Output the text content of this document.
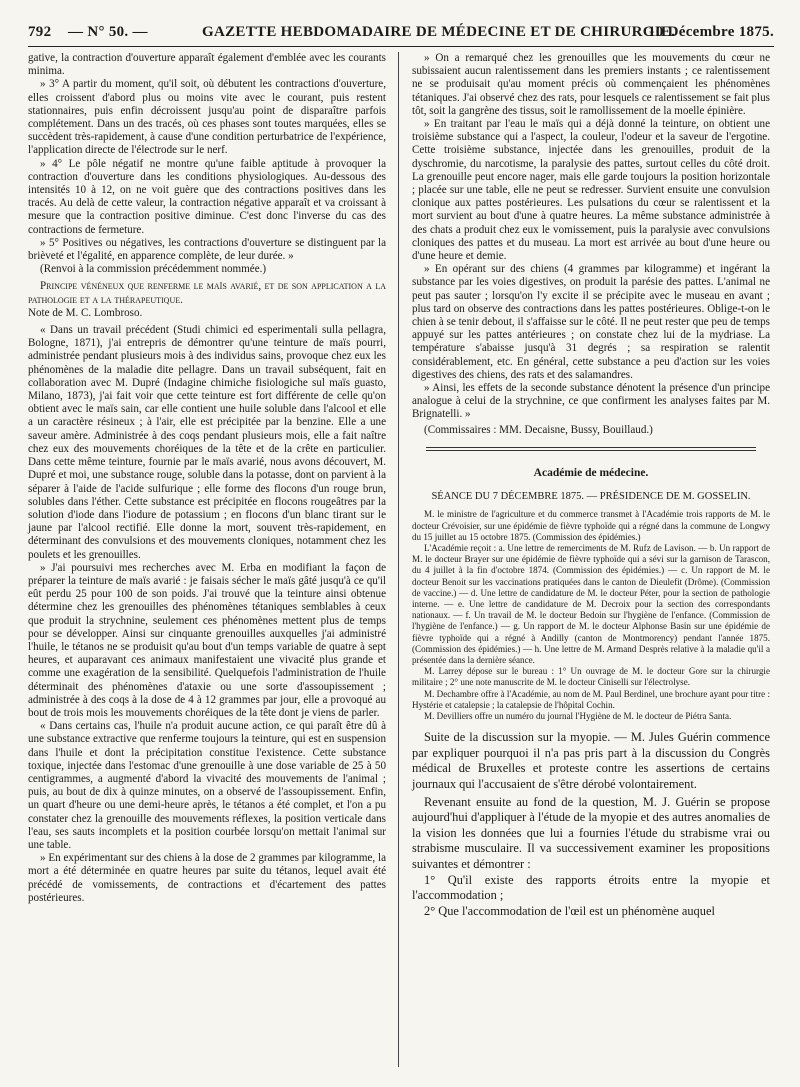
792 — N° 50. —	GAZETTE HEBDOMADAIRE DE MÉDECINE ET DE CHIRURGIE.
10 Décembre 1875.

gative, la contraction d'ouverture apparaît également d'emblée avec les courants minima.

» 3° A partir du moment, qu'il soit, où débutent les contractions d'ouverture, elles croissent d'abord plus ou moins vite avec le courant, puis restent stationnaires, puis enfin décroissent jusqu'au point de disparaître parfois complétement. Dans un des tracés, où ces phases sont toutes marquées, elles se succèdent très-rapidement, à cause d'une condition perturbatrice de l'expérience, l'application directe de l'électrode sur le nerf.

» 4° Le pôle négatif ne montre qu'une faible aptitude à provoquer la contraction d'ouverture dans les conditions physiologiques. Au-dessous des intensités 10 à 12, on ne voit guère que des contractions positives dans les tracés. Au delà de cette valeur, la contraction négative apparaît et va croissant à mesure que la contraction positive diminue. C'est donc l'inverse du cas des contractions de fermeture.

» 5° Positives ou négatives, les contractions d'ouverture se distinguent par la brièveté et l'égalité, en apparence complète, de leur durée. »

(Renvoi à la commission précédemment nommée.)

Principe vénéneux que renferme le maïs avarié, et de son application a la pathologie et a la thérapeutique.

Note de M. C. Lombroso.

« Dans un travail précédent (Studi chimici ed esperimentali sulla pellagra, Bologne, 1871), j'ai entrepris de démontrer qu'une teinture de maïs pourri, administrée pendant plusieurs mois à des individus sains, provoque chez eux les phénomènes de la maladie dite pellagre. Dans un travail subséquent, fait en collaboration avec M. Dupré (Indagine chimiche fisiologiche sul maïs guasto, Milano, 1873), j'ai fait voir que cette teinture est fort différente de celle qu'on obtient avec le maïs sain, car elle contient une huile soluble dans l'alcool et elle a un caractère résineux ; à l'air, elle est précipitée par la benzine. Elle a une saveur amère. Administrée à des coqs pendant plusieurs mois, elle a fait naître chez eux des mouvements choréiques de la tête et de la crête en particulier. Dans cette même teinture, fournie par le maïs avarié, nous avons découvert, M. Dupré et moi, une substance rouge, soluble dans la potasse, dont on parvient à la séparer à l'aide de l'acide sulfurique ; elle forme des flocons d'un rouge brun, solubles dans l'éther. Cette substance est précipitée en flocons rougeâtres par la solution d'iode dans l'iodure de potassium ; en flocons d'un blanc tirant sur le jaune par l'alcool rectifié. Elle donne la mort, souvent très-rapidement, en déterminant des convulsions et des mouvements cloniques, notamment chez les poulets et les grenouilles.

» J'ai poursuivi mes recherches avec M. Erba en modifiant la façon de préparer la teinture de maïs avarié : je faisais sécher le maïs gâté jusqu'à ce qu'il eût perdu 25 pour 100 de son poids. J'ai trouvé que la teinture ainsi obtenue détermine chez les grenouilles des phénomènes tétaniques semblables à ceux que produit la strychnine, seulement ces phénomènes mettent plus de temps pour se développer. Ainsi sur cinquante grenouilles auxquelles j'ai administré l'huile, le tétanos ne se produisit qu'au bout d'un temps variable de quatre à sept heures, et auparavant ces animaux manifestaient une vivacité plus grande et comme une exagération de la sensibilité. Quelquefois l'administration de l'huile déterminait des phénomènes d'ataxie ou une sorte d'assoupissement ; administrée à des coqs à la dose de 4 à 12 grammes par jour, elle a provoqué au bout de trois mois les mouvements choréiques de la tête dont je viens de parler.

« Dans certains cas, l'huile n'a produit aucune action, ce qui paraît être dû à une substance extractive que renferme toujours la teinture, qui est en suspension dans l'huile et dont la précipitation constitue l'existence. Cette substance toxique, injectée dans l'estomac d'une grenouille à une dose variable de 25 à 50 centigrammes, a augmenté d'abord la vivacité des mouvements de l'animal ; puis, au bout de dix à quinze minutes, on a observé de l'assoupissement. Enfin, un quart d'heure ou une demi-heure après, le tétanos a été complet, et l'on a pu constater chez la grenouille des mouvements réflexes, la position verticale dans l'eau, ses sauts incomplets et la position courbée lorsqu'on mettait l'animal sur une table.

» En expérimentant sur des chiens à la dose de 2 grammes par kilogramme, la mort a été déterminée en quatre heures par suite du tétanos, lequel avait été précédé de vomissements, de contractions et d'écartement des pattes postérieures.

» On a remarqué chez les grenouilles que les mouvements du cœur ne subissaient aucun ralentissement dans les premiers instants ; ce ralentissement ne se produisait qu'au moment précis où commençaient les phénomènes tétaniques. J'ai observé chez des rats, pour lesquels ce ralentissement se fait plus tôt, soit la gangrène des tissus, soit le ramollissement de la moelle épinière.

» En traitant par l'eau le maïs qui a déjà donné la teinture, on obtient une troisième substance qui a l'aspect, la couleur, l'odeur et la saveur de l'ergotine. Cette troisième substance, injectée dans les grenouilles, produit de la dyschromie, du narcotisme, la paralysie des pattes, surtout celles du côté droit. La grenouille peut encore nager, mais elle garde toujours la position horizontale ; placée sur une table, elle ne peut se redresser. Survient ensuite une convulsion clonique aux pattes postérieures. Les pulsations du cœur se ralentissent et la mort survient au bout d'une à quatre heures. La même substance administrée à des chats a produit chez eux le vomissement, puis la paralysie avec convulsions cloniques des pattes et du museau. La mort est arrivée au bout d'une heure ou d'une heure et demie.

» En opérant sur des chiens (4 grammes par kilogramme) et ingérant la substance par les voies digestives, on produit la parésie des pattes. L'animal ne peut pas sauter ; lorsqu'on l'y excite il se précipite avec le museau en avant ; plus tard on observe des contractions dans les pattes postérieures. Oblige-t-on le chien à se tenir debout, il s'affaisse sur le côté. Il ne peut rester que peu de temps appuyé sur les pattes antérieures ; on constate chez lui de la mydriase. La température s'abaisse jusqu'à 31 degrés ; sa respiration se ralentit considérablement, etc. En général, cette substance a peu d'action sur les voies digestives des chiens, des rats et des salamandres.

» Ainsi, les effets de la seconde substance dénotent la présence d'un principe analogue à celui de la strychnine, ce que confirment les analyses faites par M. Brignatelli. »

(Commissaires : MM. Decaisne, Bussy, Bouillaud.)

Académie de médecine.

SÉANCE DU 7 DÉCEMBRE 1875. — PRÉSIDENCE DE M. GOSSELIN.

M. le ministre de l'agriculture et du commerce transmet à l'Académie trois rapports de M. le docteur Crévoisier, sur une épidémie de fièvre typhoïde qui a régné dans la commune de Longwy du 15 juillet au 15 octobre 1875. (Commission des épidémies.)

L'Académie reçoit : a. Une lettre de remerciments de M. Rufz de Lavison. — b. Un rapport de M. le docteur Brayer sur une épidémie de fièvre typhoïde qui a sévi sur la garnison de Tarascon, du 4 juillet à la fin d'octobre 1874. (Commission des épidémies.) — c. Un rapport de M. le docteur Benoit sur les vaccinations pratiquées dans le canton de Dieulefit (Drôme). (Commission de vaccine.) — d. Une lettre de candidature de M. le docteur Péter, pour la section de pathologie interne. — e. Une lettre de candidature de M. Decroix pour la section des correspondants nationaux. — f. Un travail de M. le docteur Bedoin sur l'hygiène de l'enfance. (Commission de l'hygiène de l'enfance.) — g. Un rapport de M. le docteur Alphonse Basin sur une épidémie de fièvre typhoïde qui a régné à Andilly (canton de Montmorency) pendant l'année 1875. (Commission des épidémies.) — h. Une lettre de M. Armand Desprès relative à la maladie qu'il a présentée dans la dernière séance.

M. Larrey dépose sur le bureau : 1° Un ouvrage de M. le docteur Gore sur la chirurgie militaire ; 2° une note manuscrite de M. le docteur Ciniselli sur l'électrolyse.

M. Dechambre offre à l'Académie, au nom de M. Paul Berdinel, une brochure ayant pour titre : Hystérie et catalepsie ; la catalepsie de l'hôpital Cochin.

M. Devilliers offre un numéro du journal l'Hygiène de M. le docteur de Piétra Santa.

Suite de la discussion sur la myopie. — M. Jules Guérin commence par expliquer pourquoi il n'a pas pris part à la discussion du Congrès médical de Bruxelles et proteste contre les assertions de certains journaux qui l'accusaient de s'être dérobé volontairement.

Revenant ensuite au fond de la question, M. J. Guérin se propose aujourd'hui d'appliquer à l'étude de la myopie et des autres anomalies de la vision les données que lui a fournies l'étude du strabisme vrai ou strabisme musculaire. Il va successivement examiner les propositions suivantes et démontrer :

1° Qu'il existe des rapports étroits entre la myopie et l'accommodation ;

2° Que l'accommodation de l'œil est un phénomène auquel
